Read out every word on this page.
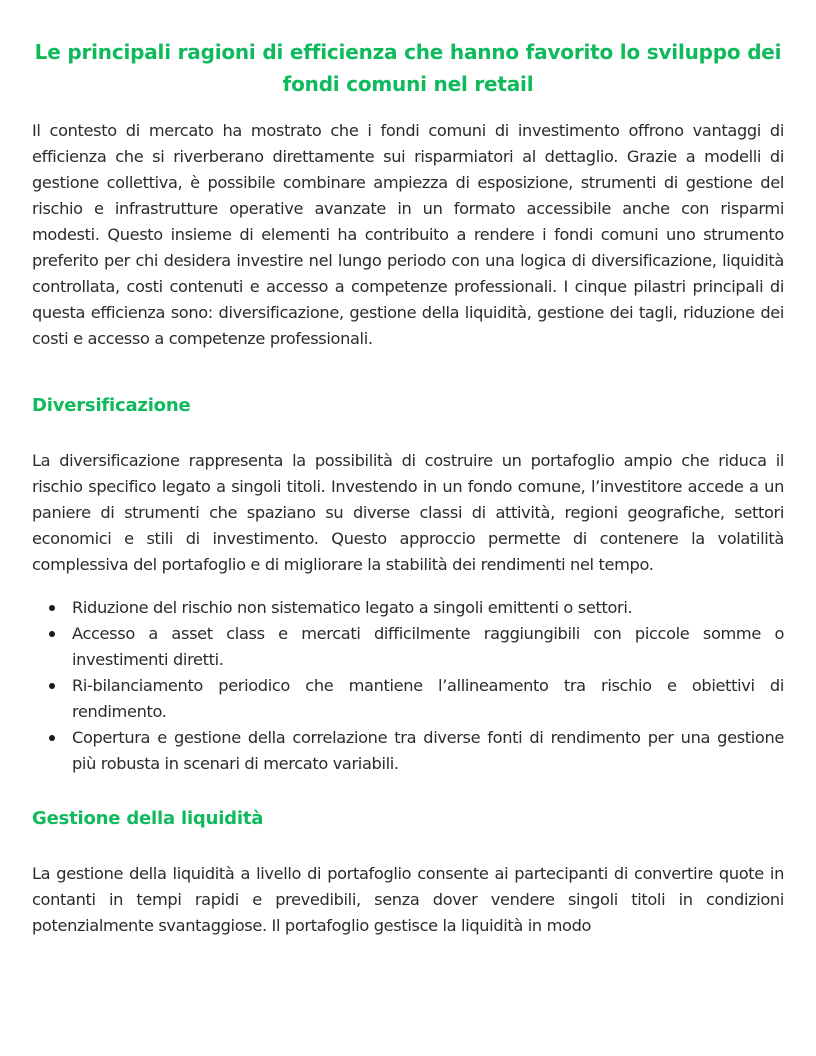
Le principali ragioni di efficienza che hanno favorito lo sviluppo dei fondi comuni nel retail

Il contesto di mercato ha mostrato che i fondi comuni di investimento offrono vantaggi di efficienza che si riverberano direttamente sui risparmiatori al dettaglio. Grazie a modelli di gestione collettiva, è possibile combinare ampiezza di esposizione, strumenti di gestione del rischio e infrastrutture operative avanzate in un formato accessibile anche con risparmi modesti. Questo insieme di elementi ha contribuito a rendere i fondi comuni uno strumento preferito per chi desidera investire nel lungo periodo con una logica di diversificazione, liquidità controllata, costi contenuti e accesso a competenze professionali. I cinque pilastri principali di questa efficienza sono: diversificazione, gestione della liquidità, gestione dei tagli, riduzione dei costi e accesso a competenze professionali.

Diversificazione

La diversificazione rappresenta la possibilità di costruire un portafoglio ampio che riduca il rischio specifico legato a singoli titoli. Investendo in un fondo comune, l’investitore accede a un paniere di strumenti che spaziano su diverse classi di attività, regioni geografiche, settori economici e stili di investimento. Questo approccio permette di contenere la volatilità complessiva del portafoglio e di migliorare la stabilità dei rendimenti nel tempo.

Riduzione del rischio non sistematico legato a singoli emittenti o settori.
Accesso a asset class e mercati difficilmente raggiungibili con piccole somme o investimenti diretti.
Ri-bilanciamento periodico che mantiene l’allineamento tra rischio e obiettivi di rendimento.
Copertura e gestione della correlazione tra diverse fonti di rendimento per una gestione più robusta in scenari di mercato variabili.
Gestione della liquidità

La gestione della liquidità a livello di portafoglio consente ai partecipanti di convertire quote in contanti in tempi rapidi e prevedibili, senza dover vendere singoli titoli in condizioni potenzialmente svantaggiose. Il portafoglio gestisce la liquidità in modo
